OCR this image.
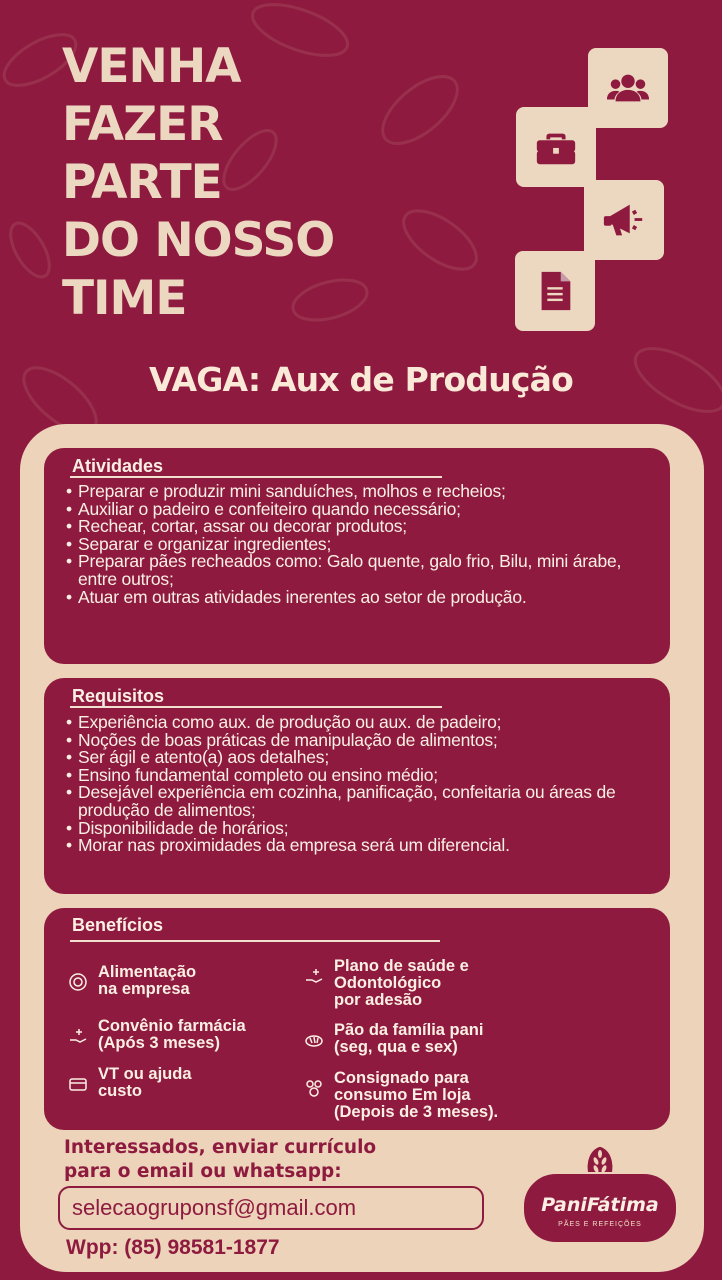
VENHA
FAZER
PARTE
DO NOSSO
TIME
VAGA: Aux de Produção
Atividades
• Preparar e produzir mini sanduíches, molhos e recheios;
• Auxiliar o padeiro e confeiteiro quando necessário;
• Rechear, cortar, assar ou decorar produtos;
• Separar e organizar ingredientes;
• Preparar pães recheados como: Galo quente, galo frio, Bilu, mini árabe, entre outros;
• Atuar em outras atividades inerentes ao setor de produção.
Requisitos
• Experiência como aux. de produção ou aux. de padeiro;
• Noções de boas práticas de manipulação de alimentos;
• Ser ágil e atento(a) aos detalhes;
• Ensino fundamental completo ou ensino médio;
• Desejável experiência em cozinha, panificação, confeitaria ou áreas de produção de alimentos;
• Disponibilidade de horários;
• Morar nas proximidades da empresa será um diferencial.
Benefícios
Alimentação
na empresa
Convênio farmácia
(Após 3 meses)
VT ou ajuda
custo
Plano de saúde e
Odontológico
por adesão
Pão da família pani
(seg, qua e sex)
Consignado para
consumo Em loja
(Depois de 3 meses).
Interessados, enviar currículo
para o email ou whatsapp:
selecaogruponsf@gmail.com
Wpp: (85) 98581-1877
PaniFátima
PÃES E REFEIÇÕES
